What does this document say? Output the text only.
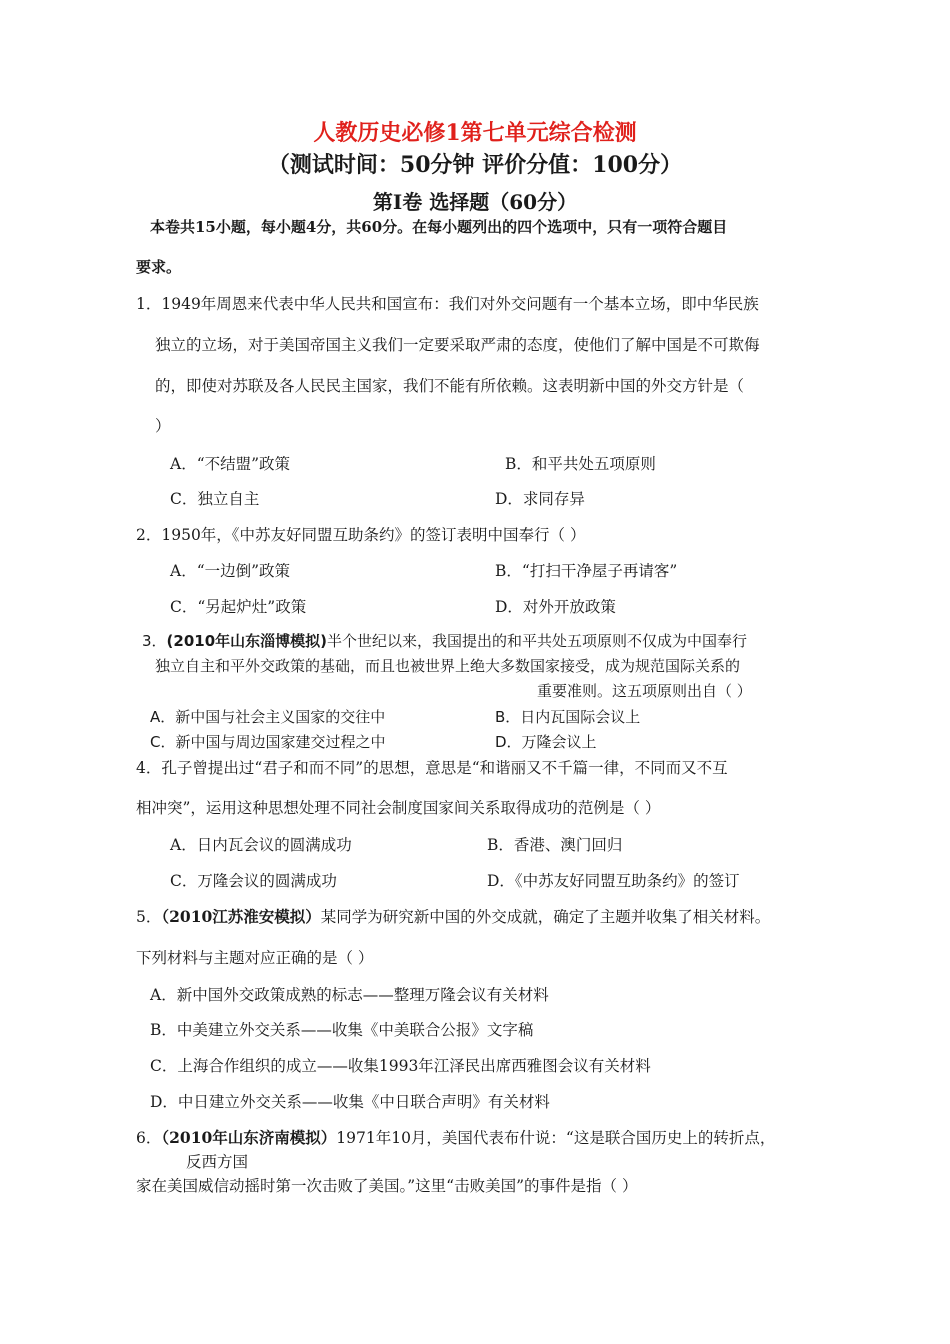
人教历史必修1第七单元综合检测
（测试时间：50分钟 评价分值：100分）
第Ⅰ卷 选择题（60分）
本卷共15小题，每小题4分，共60分。在每小题列出的四个选项中，只有一项符合题目
要求。
1．1949年周恩来代表中华人民共和国宣布：我们对外交问题有一个基本立场，即中华民族
独立的立场，对于美国帝国主义我们一定要采取严肃的态度，使他们了解中国是不可欺侮
的，即使对苏联及各人民民主国家，我们不能有所依赖。这表明新中国的外交方针是（
）
A．“不结盟”政策	B．和平共处五项原则
C．独立自主	D．求同存异
2．1950年，《中苏友好同盟互助条约》的签订表明中国奉行（ ）
A．“一边倒”政策	B．“打扫干净屋子再请客”
C．“另起炉灶”政策	D．对外开放政策
3．(2010年山东淄博模拟)半个世纪以来，我国提出的和平共处五项原则不仅成为中国奉行
独立自主和平外交政策的基础，而且也被世界上绝大多数国家接受，成为规范国际关系的
重要准则。这五项原则出自（ ）
A．新中国与社会主义国家的交往中	B．日内瓦国际会议上
C．新中国与周边国家建交过程之中	D．万隆会议上
4．孔子曾提出过“君子和而不同”的思想，意思是“和谐丽又不千篇一律，不同而又不互
相冲突”，运用这种思想处理不同社会制度国家间关系取得成功的范例是（ ）
A．日内瓦会议的圆满成功	B．香港、澳门回归
C．万隆会议的圆满成功	D．《中苏友好同盟互助条约》的签订
5．（2010江苏淮安模拟）某同学为研究新中国的外交成就，确定了主题并收集了相关材料。
下列材料与主题对应正确的是（ ）
A．新中国外交政策成熟的标志——整理万隆会议有关材料
B．中美建立外交关系——收集《中美联合公报》文字稿
C．上海合作组织的成立——收集1993年江泽民出席西雅图会议有关材料
D．中日建立外交关系——收集《中日联合声明》有关材料
6．（2010年山东济南模拟）1971年10月，美国代表布什说：“这是联合国历史上的转折点，
反西方国
家在美国威信动摇时第一次击败了美国。”这里“击败美国”的事件是指（ ）
